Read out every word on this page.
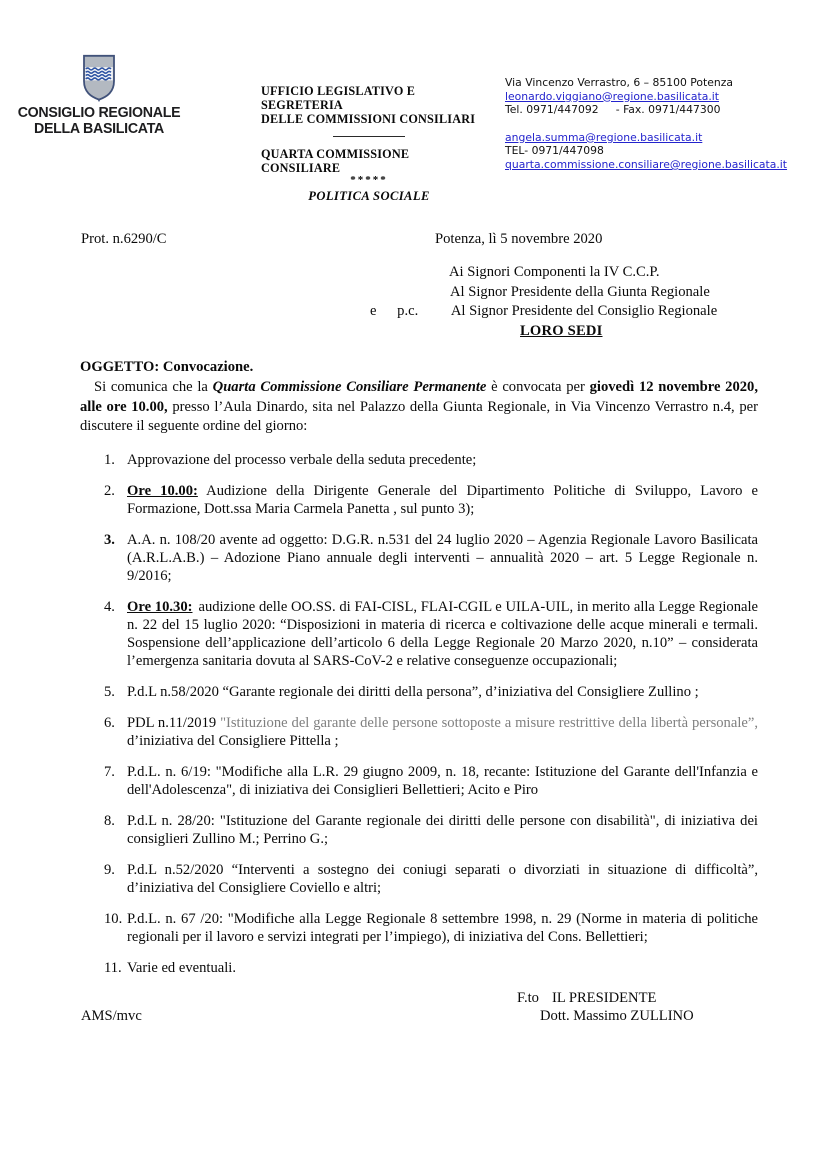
CONSIGLIO REGIONALE
DELLA BASILICATA
UFFICIO LEGISLATIVO E SEGRETERIA
DELLE COMMISSIONI CONSILIARI
QUARTA COMMISSIONE CONSILIARE
*****
POLITICA SOCIALE
Via Vincenzo Verrastro, 6 – 85100 Potenza
leonardo.viggiano@regione.basilicata.it
Tel. 0971/447092     - Fax. 0971/447300
angela.summa@regione.basilicata.it
TEL- 0971/447098
quarta.commissione.consiliare@regione.basilicata.it
Prot. n.6290/C	Potenza, lì 5 novembre 2020
Ai Signori Componenti la IV C.C.P.
Al Signor Presidente della Giunta Regionale
e p.c. Al Signor Presidente del Consiglio Regionale
LORO SEDI
OGGETTO: Convocazione.
Si comunica che la Quarta Commissione Consiliare Permanente è convocata per giovedì 12 novembre 2020, alle ore 10.00, presso l’Aula Dinardo, sita nel Palazzo della Giunta Regionale, in Via Vincenzo Verrastro n.4, per discutere il seguente ordine del giorno:
1. Approvazione del processo verbale della seduta precedente;
2. Ore 10.00: Audizione della Dirigente Generale del Dipartimento Politiche di Sviluppo, Lavoro e Formazione, Dott.ssa Maria Carmela Panetta , sul punto 3);
3. A.A. n. 108/20 avente ad oggetto: D.G.R. n.531 del 24 luglio 2020 – Agenzia Regionale Lavoro Basilicata (A.R.L.A.B.) – Adozione Piano annuale degli interventi – annualità 2020 – art. 5 Legge Regionale n. 9/2016;
4. Ore 10.30: audizione delle OO.SS. di FAI-CISL, FLAI-CGIL e UILA-UIL, in merito alla Legge Regionale n. 22 del 15 luglio 2020: “Disposizioni in materia di ricerca e coltivazione delle acque minerali e termali. Sospensione dell’applicazione dell’articolo 6 della Legge Regionale 20 Marzo 2020, n.10” – considerata l’emergenza sanitaria dovuta al SARS-CoV-2 e relative conseguenze occupazionali;
5. P.d.L n.58/2020 “Garante regionale dei diritti della persona”, d’iniziativa del Consigliere Zullino ;
6. PDL n.11/2019 "Istituzione del garante delle persone sottoposte a misure restrittive della libertà personale”, d’iniziativa del Consigliere Pittella ;
7. P.d.L. n. 6/19: "Modifiche alla L.R. 29 giugno 2009, n. 18, recante: Istituzione del Garante dell'Infanzia e dell'Adolescenza", di iniziativa dei Consiglieri Bellettieri; Acito e Piro
8. P.d.L n. 28/20: "Istituzione del Garante regionale dei diritti delle persone con disabilità", di iniziativa dei consiglieri Zullino M.; Perrino G.;
9. P.d.L n.52/2020 “Interventi a sostegno dei coniugi separati o divorziati in situazione di difficoltà”, d’iniziativa del Consigliere Coviello e altri;
10. P.d.L. n. 67 /20: "Modifiche alla Legge Regionale 8 settembre 1998, n. 29 (Norme in materia di politiche regionali per il lavoro e servizi integrati per l’impiego), di iniziativa del Cons. Bellettieri;
11. Varie ed eventuali.
F.to IL PRESIDENTE
AMS/mvc	Dott. Massimo ZULLINO
